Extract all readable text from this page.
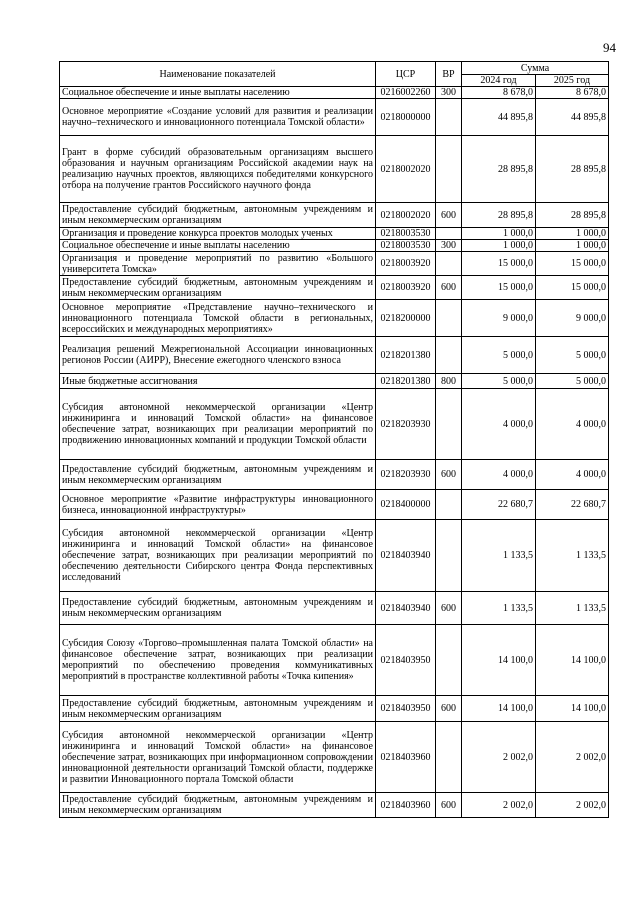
94
Наименование показателей	ЦСР	ВР	Сумма	
			2024 год	2025 год
Социальное обеспечение и иные выплаты населению	0216002260	300	8 678,0	8 678,0
Основное мероприятие «Создание условий для развития и реализации научно–технического и инновационного потенциала Томской области»	0218000000		44 895,8	44 895,8
Грант в форме субсидий образовательным организациям высшего образования и научным организациям Российской академии наук на реализацию научных проектов, являющихся победителями конкурсного отбора на получение грантов Российского научного фонда	0218002020		28 895,8	28 895,8
Предоставление субсидий бюджетным, автономным учреждениям и иным некоммерческим организациям	0218002020	600	28 895,8	28 895,8
Организация и проведение конкурса проектов молодых ученых	0218003530		1 000,0	1 000,0
Социальное обеспечение и иные выплаты населению	0218003530	300	1 000,0	1 000,0
Организация и проведение мероприятий по развитию «Большого университета Томска»	0218003920		15 000,0	15 000,0
Предоставление субсидий бюджетным, автономным учреждениям и иным некоммерческим организациям	0218003920	600	15 000,0	15 000,0
Основное мероприятие «Представление научно–технического и инновационного потенциала Томской области в региональных, всероссийских и международных мероприятиях»	0218200000		9 000,0	9 000,0
Реализация решений Межрегиональной Ассоциации инновационных регионов России (АИРР), Внесение ежегодного членского взноса	0218201380		5 000,0	5 000,0
Иные бюджетные ассигнования	0218201380	800	5 000,0	5 000,0
Субсидия автономной некоммерческой организации «Центр инжиниринга и инноваций Томской области» на финансовое обеспечение затрат, возникающих при реализации мероприятий по продвижению инновационных компаний и продукции Томской области	0218203930		4 000,0	4 000,0
Предоставление субсидий бюджетным, автономным учреждениям и иным некоммерческим организациям	0218203930	600	4 000,0	4 000,0
Основное мероприятие «Развитие инфраструктуры инновационного бизнеса, инновационной инфраструктуры»	0218400000		22 680,7	22 680,7
Субсидия автономной некоммерческой организации «Центр инжиниринга и инноваций Томской области» на финансовое обеспечение затрат, возникающих при реализации мероприятий по обеспечению деятельности Сибирского центра Фонда перспективных исследований	0218403940		1 133,5	1 133,5
Предоставление субсидий бюджетным, автономным учреждениям и иным некоммерческим организациям	0218403940	600	1 133,5	1 133,5
Субсидия Союзу «Торгово–промышленная палата Томской области» на финансовое обеспечение затрат, возникающих при реализации мероприятий по обеспечению проведения коммуникативных мероприятий в пространстве коллективной работы «Точка кипения»	0218403950		14 100,0	14 100,0
Предоставление субсидий бюджетным, автономным учреждениям и иным некоммерческим организациям	0218403950	600	14 100,0	14 100,0
Субсидия автономной некоммерческой организации «Центр инжиниринга и инноваций Томской области» на финансовое обеспечение затрат, возникающих при информационном сопровождении инновационной деятельности организаций Томской области, поддержке и развитии Инновационного портала Томской области	0218403960		2 002,0	2 002,0
Предоставление субсидий бюджетным, автономным учреждениям и иным некоммерческим организациям	0218403960	600	2 002,0	2 002,0
